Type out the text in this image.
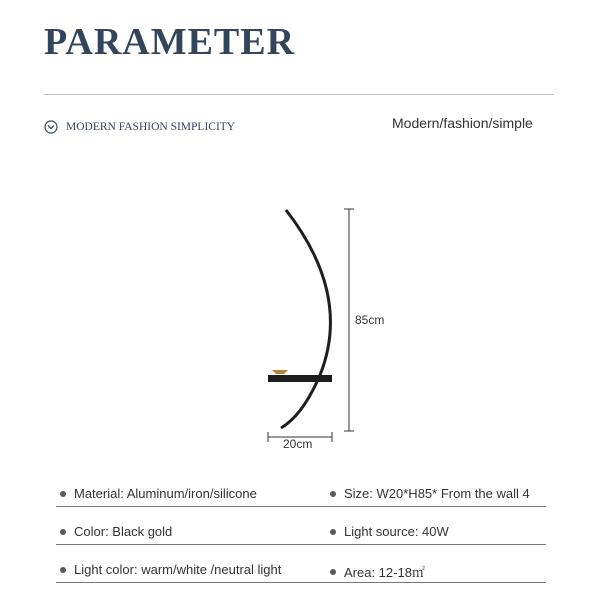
PARAMETER
MODERN FASHION SIMPLICITY	Modern/fashion/simple
85cm
20cm
Material: Aluminum/iron/silicone	Size: W20*H85* From the wall 4
Color: Black gold	Light source: 40W
Light color: warm/white /neutral light	Area: 12-18㎡
